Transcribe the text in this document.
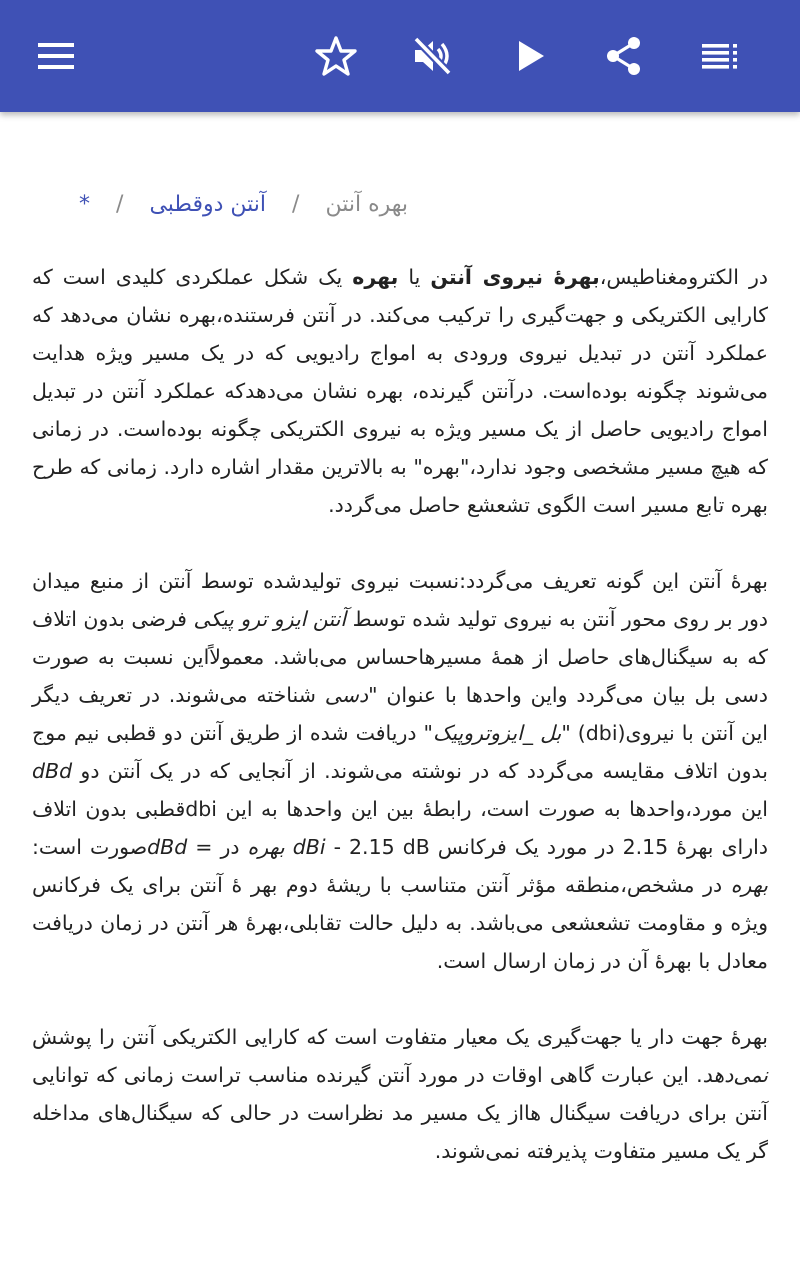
بهره آنتن
/
آنتن دوقطبی
/
*

در الکترومغناطیس،بهرهٔ نیروی آنتن یا بهره یک شکل عملکردی کلیدی است که کارایی الکتریکی و جهت‌گیری را ترکیب می‌کند. در آنتن فرستنده،بهره نشان می‌دهد که عملکرد آنتن در تبدیل نیروی ورودی به امواج رادیویی که در یک مسیر ویژه هدایت می‌شوند چگونه بوده‌است. درآنتن گیرنده، بهره نشان می‌دهدکه عملکرد آنتن در تبدیل امواج رادیویی حاصل از یک مسیر ویژه به نیروی الکتریکی چگونه بوده‌است. در زمانی که هیچ مسیر مشخصی وجود ندارد،"بهره" به بالاترین مقدار اشاره دارد. زمانی که طرح بهره تابع مسیر است الگوی تشعشع حاصل می‌گردد.

بهرهٔ آنتن این گونه تعریف می‌گردد:نسبت نیروی تولیدشده توسط آنتن از منبع میدان دور بر روی محور آنتن به نیروی تولید شده توسط آنتن ایزو ترو پیکی فرضی بدون اتلاف که به سیگنال‌های حاصل از همهٔ مسیرهاحساس می‌باشد. معمولاًاین نسبت به صورت دسی بل بیان می‌گردد واین واحدها با عنوان "دسی شناخته می‌شوند. در تعریف دیگر این آنتن با نیروی(dbi) "بل _ایزوتروپیک" دریافت شده از طریق آنتن دو قطبی نیم موج بدون اتلاف مقایسه می‌گردد که در نوشته می‌شوند. از آنجایی که در یک آنتن دو dBd این مورد،واحدها به صورت است، رابطهٔ بین این واحدها به این dbiقطبی بدون اتلاف دارای بهرهٔ 2.15 در مورد یک فرکانس dBi - 2.15 dB بهره در = dBdصورت است: بهره در مشخص،منطقه مؤثر آنتن متناسب با ریشهٔ دوم بهر هٔ آنتن برای یک فرکانس ویژه و مقاومت تشعشعی می‌باشد. به دلیل حالت تقابلی،بهرهٔ هر آنتن در زمان دریافت معادل با بهرهٔ آن در زمان ارسال است.

بهرهٔ جهت دار یا جهت‌گیری یک معیار متفاوت است که کارایی الکتریکی آنتن را پوشش نمی‌دهد. این عبارت گاهی اوقات در مورد آنتن گیرنده مناسب تراست زمانی که توانایی آنتن برای دریافت سیگنال هااز یک مسیر مد نظراست در حالی که سیگنال‌های مداخله گر یک مسیر متفاوت پذیرفته نمی‌شوند.
